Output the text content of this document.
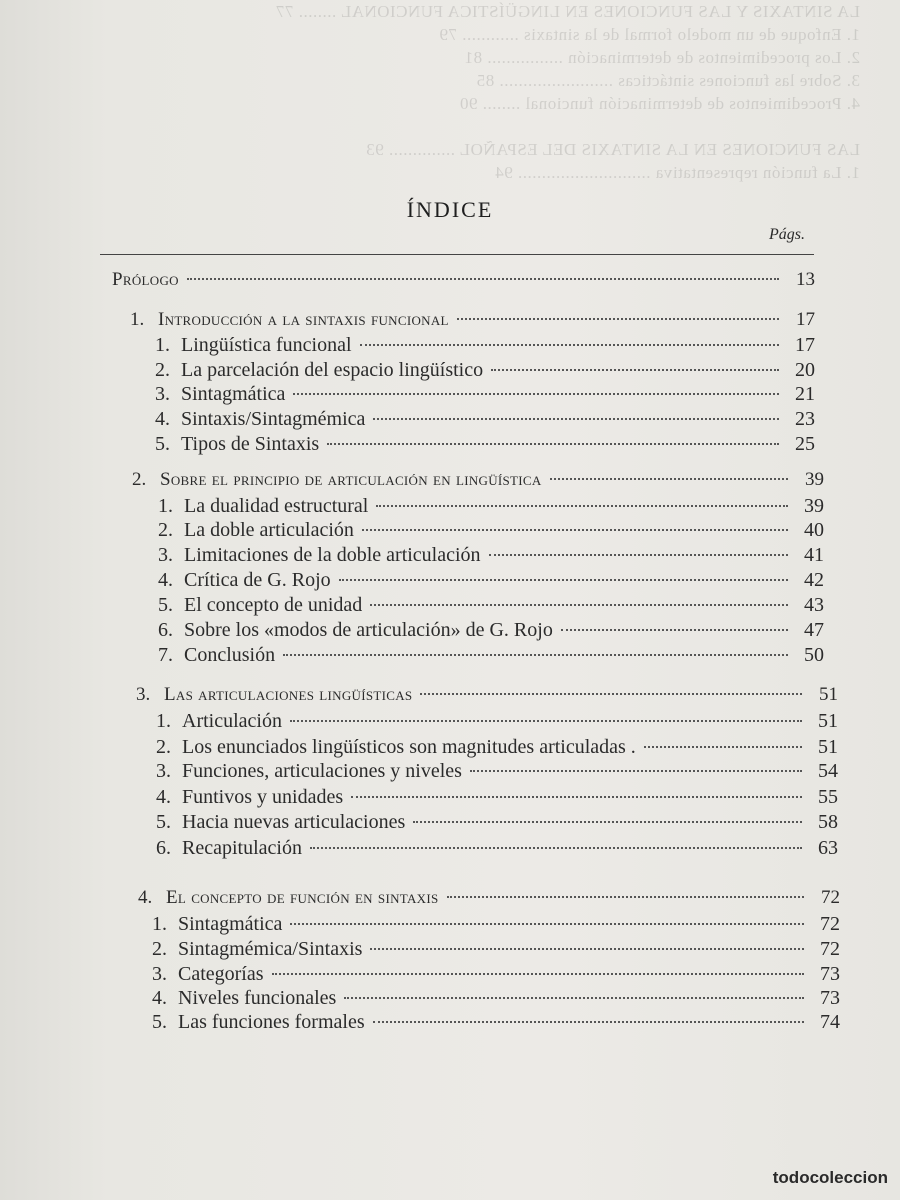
LA SINTAXIS Y LAS FUNCIONES EN LINGÜÍSTICA FUNCIONAL ........ 77
1. Enfoque de un modelo formal de la sintaxis ............ 79
2. Los procedimientos de determinación ................ 81
3. Sobre las funciones sintácticas ........................ 85
4. Procedimientos de determinación funcional ........ 90

LAS FUNCIONES EN LA SINTAXIS DEL ESPAÑOL .............. 93
1. La función representativa ............................ 94
ÍNDICE
Págs.
Prólogo	13
1. Introducción a la sintaxis funcional	17
1. Lingüística funcional	17
2. La parcelación del espacio lingüístico	20
3. Sintagmática	21
4. Sintaxis/Sintagmémica	23
5. Tipos de Sintaxis	25
2. Sobre el principio de articulación en lingüística	39
1. La dualidad estructural	39
2. La doble articulación	40
3. Limitaciones de la doble articulación	41
4. Crítica de G. Rojo	42
5. El concepto de unidad	43
6. Sobre los «modos de articulación» de G. Rojo	47
7. Conclusión	50
3. Las articulaciones lingüísticas	51
1. Articulación	51
2. Los enunciados lingüísticos son magnitudes articuladas .	51
3. Funciones, articulaciones y niveles	54
4. Funtivos y unidades	55
5. Hacia nuevas articulaciones	58
6. Recapitulación	63
4. El concepto de función en sintaxis	72
1. Sintagmática	72
2. Sintagmémica/Sintaxis	72
3. Categorías	73
4. Niveles funcionales	73
5. Las funciones formales	74
todocoleccion
